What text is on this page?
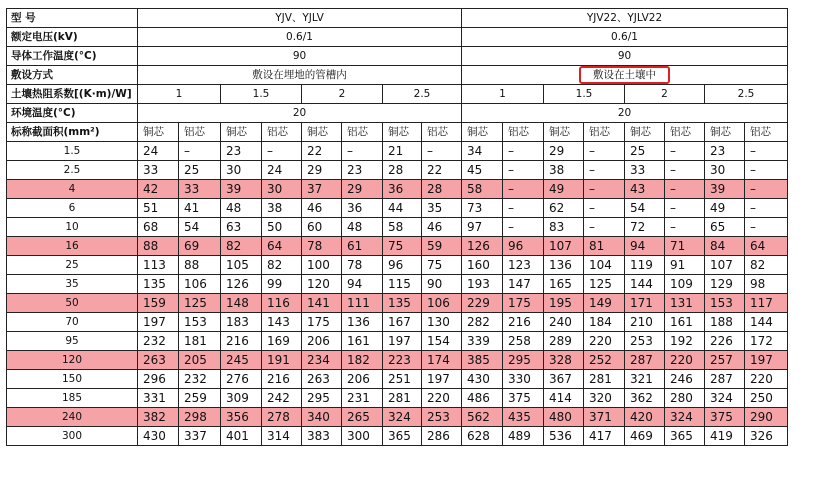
型 号	YJV、YJLV								YJV22、YJLV22							
额定电压(kV)	0.6/1								0.6/1							
导体工作温度(°C)	90								90							
敷设方式	敷设在埋地的管槽内								敷设在土壤中							
土壤热阻系数[(K·m)/W]	1		1.5		2		2.5		1		1.5		2		2.5	
环境温度(°C)	20								20							
标称截面积(mm²)	铜芯	铝芯	铜芯	铝芯	铜芯	铝芯	铜芯	铝芯	铜芯	铝芯	铜芯	铝芯	铜芯	铝芯	铜芯	铝芯
1.5	24	–	23	–	22	–	21	–	34	–	29	–	25	–	23	–
2.5	33	25	30	24	29	23	28	22	45	–	38	–	33	–	30	–
4	42	33	39	30	37	29	36	28	58	–	49	–	43	–	39	–
6	51	41	48	38	46	36	44	35	73	–	62	–	54	–	49	–
10	68	54	63	50	60	48	58	46	97	–	83	–	72	–	65	–
16	88	69	82	64	78	61	75	59	126	96	107	81	94	71	84	64
25	113	88	105	82	100	78	96	75	160	123	136	104	119	91	107	82
35	135	106	126	99	120	94	115	90	193	147	165	125	144	109	129	98
50	159	125	148	116	141	111	135	106	229	175	195	149	171	131	153	117
70	197	153	183	143	175	136	167	130	282	216	240	184	210	161	188	144
95	232	181	216	169	206	161	197	154	339	258	289	220	253	192	226	172
120	263	205	245	191	234	182	223	174	385	295	328	252	287	220	257	197
150	296	232	276	216	263	206	251	197	430	330	367	281	321	246	287	220
185	331	259	309	242	295	231	281	220	486	375	414	320	362	280	324	250
240	382	298	356	278	340	265	324	253	562	435	480	371	420	324	375	290
300	430	337	401	314	383	300	365	286	628	489	536	417	469	365	419	326
